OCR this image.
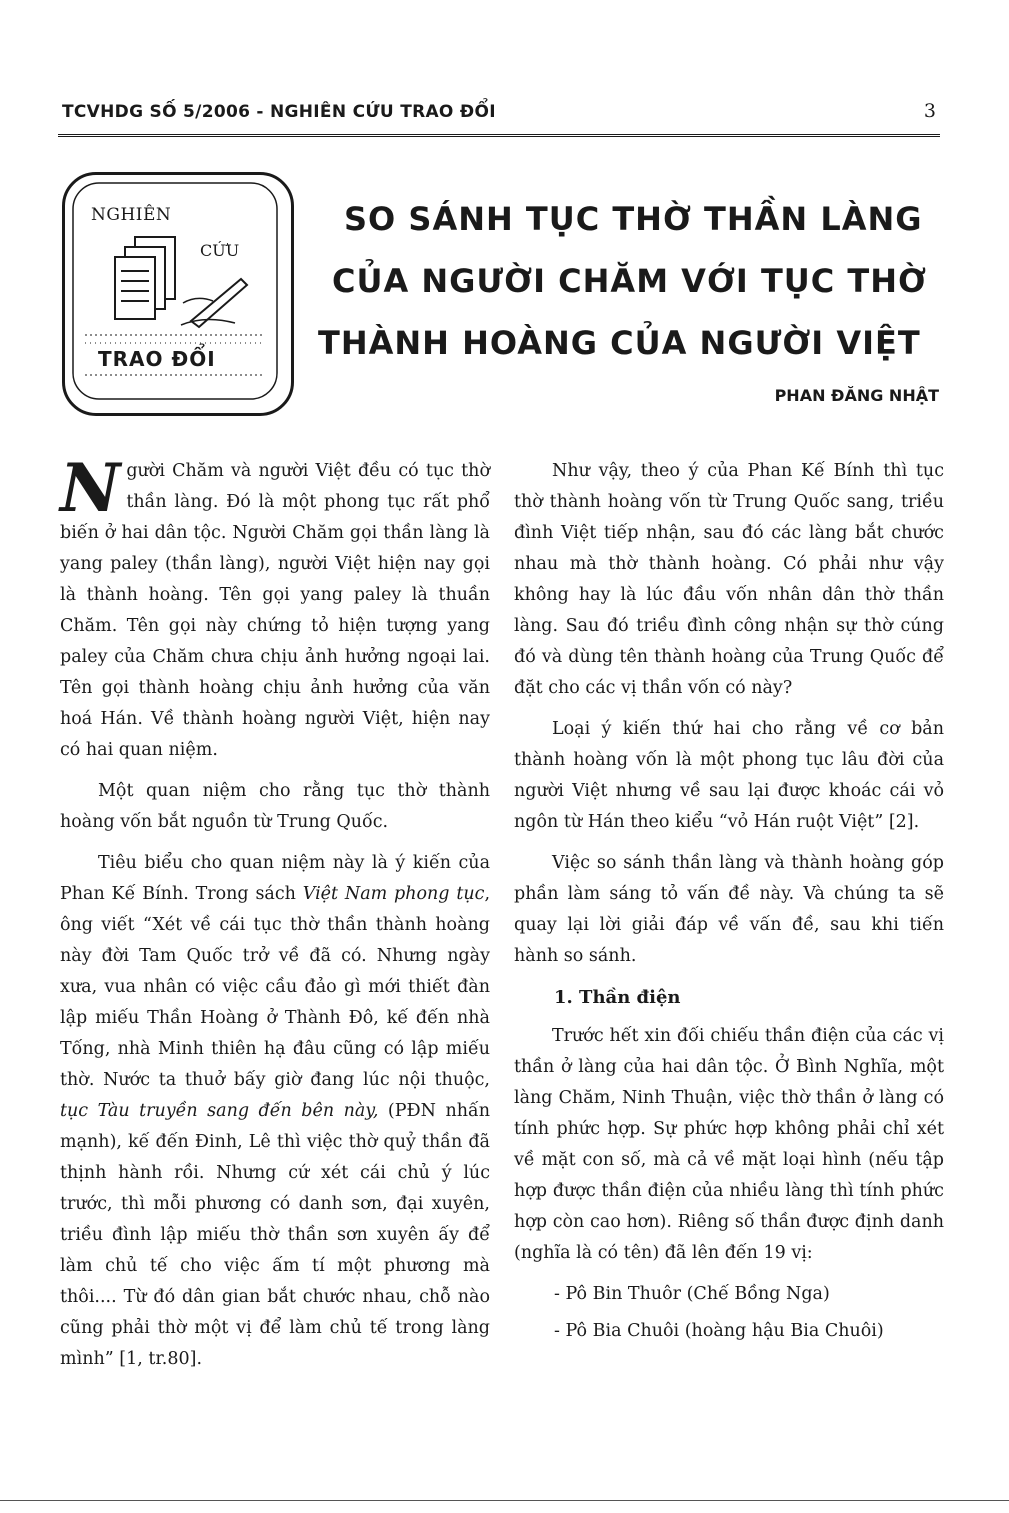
TCVHDG SỐ 5/2006 - NGHIÊN CỨU TRAO ĐỔI	3
NGHIÊN
CỨU
TRAO ĐỔI
SO SÁNH TỤC THỜ THẦN LÀNG
CỦA NGƯỜI CHĂM VỚI TỤC THỜ
THÀNH HOÀNG CỦA NGƯỜI VIỆT
PHAN ĐĂNG NHẬT

Người Chăm và người Việt đều có tục thờ thần làng. Đó là một phong tục rất phổ biến ở hai dân tộc. Người Chăm gọi thần làng là yang paley (thần làng), người Việt hiện nay gọi là thành hoàng. Tên gọi yang paley là thuần Chăm. Tên gọi này chứng tỏ hiện tượng yang paley của Chăm chưa chịu ảnh hưởng ngoại lai. Tên gọi thành hoàng chịu ảnh hưởng của văn hoá Hán. Về thành hoàng người Việt, hiện nay có hai quan niệm.

Một quan niệm cho rằng tục thờ thành hoàng vốn bắt nguồn từ Trung Quốc.

Tiêu biểu cho quan niệm này là ý kiến của Phan Kế Bính. Trong sách Việt Nam phong tục, ông viết “Xét về cái tục thờ thần thành hoàng này đời Tam Quốc trở về đã có. Nhưng ngày xưa, vua nhân có việc cầu đảo gì mới thiết đàn lập miếu Thần Hoàng ở Thành Đô, kế đến nhà Tống, nhà Minh thiên hạ đâu cũng có lập miếu thờ. Nước ta thuở bấy giờ đang lúc nội thuộc, tục Tàu truyền sang đến bên này, (PĐN nhấn mạnh), kế đến Đinh, Lê thì việc thờ quỷ thần đã thịnh hành rồi. Nhưng cứ xét cái chủ ý lúc trước, thì mỗi phương có danh sơn, đại xuyên, triều đình lập miếu thờ thần sơn xuyên ấy để làm chủ tế cho việc ấm tí một phương mà thôi.... Từ đó dân gian bắt chước nhau, chỗ nào cũng phải thờ một vị để làm chủ tế trong làng mình” [1, tr.80].

Như vậy, theo ý của Phan Kế Bính thì tục thờ thành hoàng vốn từ Trung Quốc sang, triều đình Việt tiếp nhận, sau đó các làng bắt chước nhau mà thờ thành hoàng. Có phải như vậy không hay là lúc đầu vốn nhân dân thờ thần làng. Sau đó triều đình công nhận sự thờ cúng đó và dùng tên thành hoàng của Trung Quốc để đặt cho các vị thần vốn có này?

Loại ý kiến thứ hai cho rằng về cơ bản thành hoàng vốn là một phong tục lâu đời của người Việt nhưng về sau lại được khoác cái vỏ ngôn từ Hán theo kiểu “vỏ Hán ruột Việt” [2].

Việc so sánh thần làng và thành hoàng góp phần làm sáng tỏ vấn đề này. Và chúng ta sẽ quay lại lời giải đáp về vấn đề, sau khi tiến hành so sánh.

1. Thần điện

Trước hết xin đối chiếu thần điện của các vị thần ở làng của hai dân tộc. Ở Bình Nghĩa, một làng Chăm, Ninh Thuận, việc thờ thần ở làng có tính phức hợp. Sự phức hợp không phải chỉ xét về mặt con số, mà cả về mặt loại hình (nếu tập hợp được thần điện của nhiều làng thì tính phức hợp còn cao hơn). Riêng số thần được định danh (nghĩa là có tên) đã lên đến 19 vị:

- Pô Bin Thuôr (Chế Bồng Nga)

- Pô Bia Chuôi (hoàng hậu Bia Chuôi)
